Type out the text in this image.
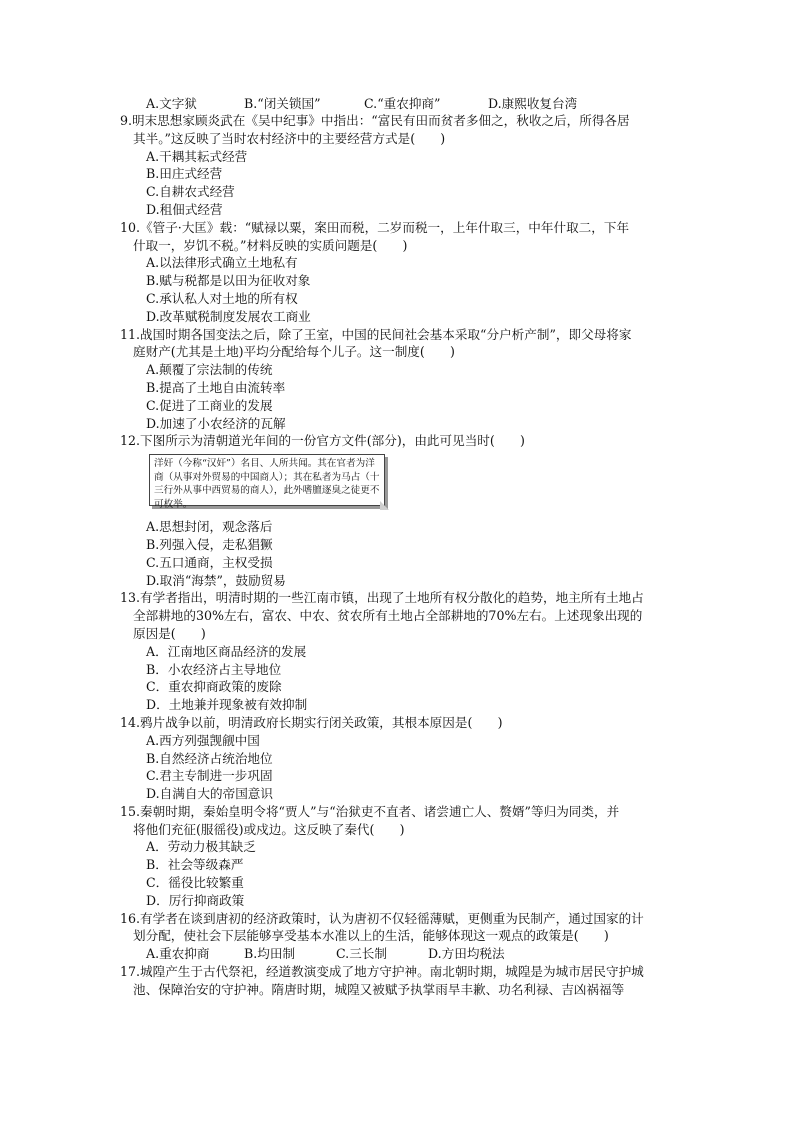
A.文字狱	B.“闭关锁国”	C.“重农抑商”	D.康熙收复台湾
9.明末思想家顾炎武在《吴中纪事》中指出：“富民有田而贫者多佃之，秋收之后，所得各居
其半。”这反映了当时农村经济中的主要经营方式是(　　)
A.干耦其耘式经营
B.田庄式经营
C.自耕农式经营
D.租佃式经营
10.《管子·大匡》载：“赋禄以粟，案田而税，二岁而税一，上年什取三，中年什取二，下年
什取一，岁饥不税。”材料反映的实质问题是(　　)
A.以法律形式确立土地私有
B.赋与税都是以田为征收对象
C.承认私人对土地的所有权
D.改革赋税制度发展农工商业
11.战国时期各国变法之后，除了王室，中国的民间社会基本采取“分户析产制”，即父母将家
庭财产(尤其是土地)平均分配给每个儿子。这一制度(　　)
A.颠覆了宗法制的传统
B.提高了土地自由流转率
C.促进了工商业的发展
D.加速了小农经济的瓦解
12.下图所示为清朝道光年间的一份官方文件(部分)，由此可见当时(　　)
洋奸（今称“汉奸”）名目、人所共闻。其在官者为洋商（从事对外贸易的中国商人）；其在私者为马占（十三行外从事中西贸易的商人），此外嗜膻逐臭之徒更不可枚举。
A.思想封闭，观念落后
B.列强入侵，走私猖獗
C.五口通商，主权受损
D.取消“海禁”，鼓励贸易
13.有学者指出，明清时期的一些江南市镇，出现了土地所有权分散化的趋势，地主所有土地占
全部耕地的30%左右，富农、中农、贫农所有土地占全部耕地的70%左右。上述现象出现的
原因是(　　)
A．江南地区商品经济的发展
B．小农经济占主导地位
C．重农抑商政策的废除
D．土地兼并现象被有效抑制
14.鸦片战争以前，明清政府长期实行闭关政策，其根本原因是(　　)
A.西方列强觊觎中国
B.自然经济占统治地位
C.君主专制进一步巩固
D.自满自大的帝国意识
15.秦朝时期，秦始皇明令将“贾人”与“治狱吏不直者、诸尝逋亡人、赘婿”等归为同类，并
将他们充征(服徭役)或戍边。这反映了秦代(　　)
A．劳动力极其缺乏
B．社会等级森严
C．徭役比较繁重
D．厉行抑商政策
16.有学者在谈到唐初的经济政策时，认为唐初不仅轻徭薄赋，更侧重为民制产，通过国家的计
划分配，使社会下层能够享受基本水准以上的生活，能够体现这一观点的政策是(　　)
A.重农抑商	B.均田制	C.三长制	D.方田均税法
17.城隍产生于古代祭祀，经道教演变成了地方守护神。南北朝时期，城隍是为城市居民守护城
池、保障治安的守护神。隋唐时期，城隍又被赋予执掌雨旱丰歉、功名利禄、吉凶祸福等
